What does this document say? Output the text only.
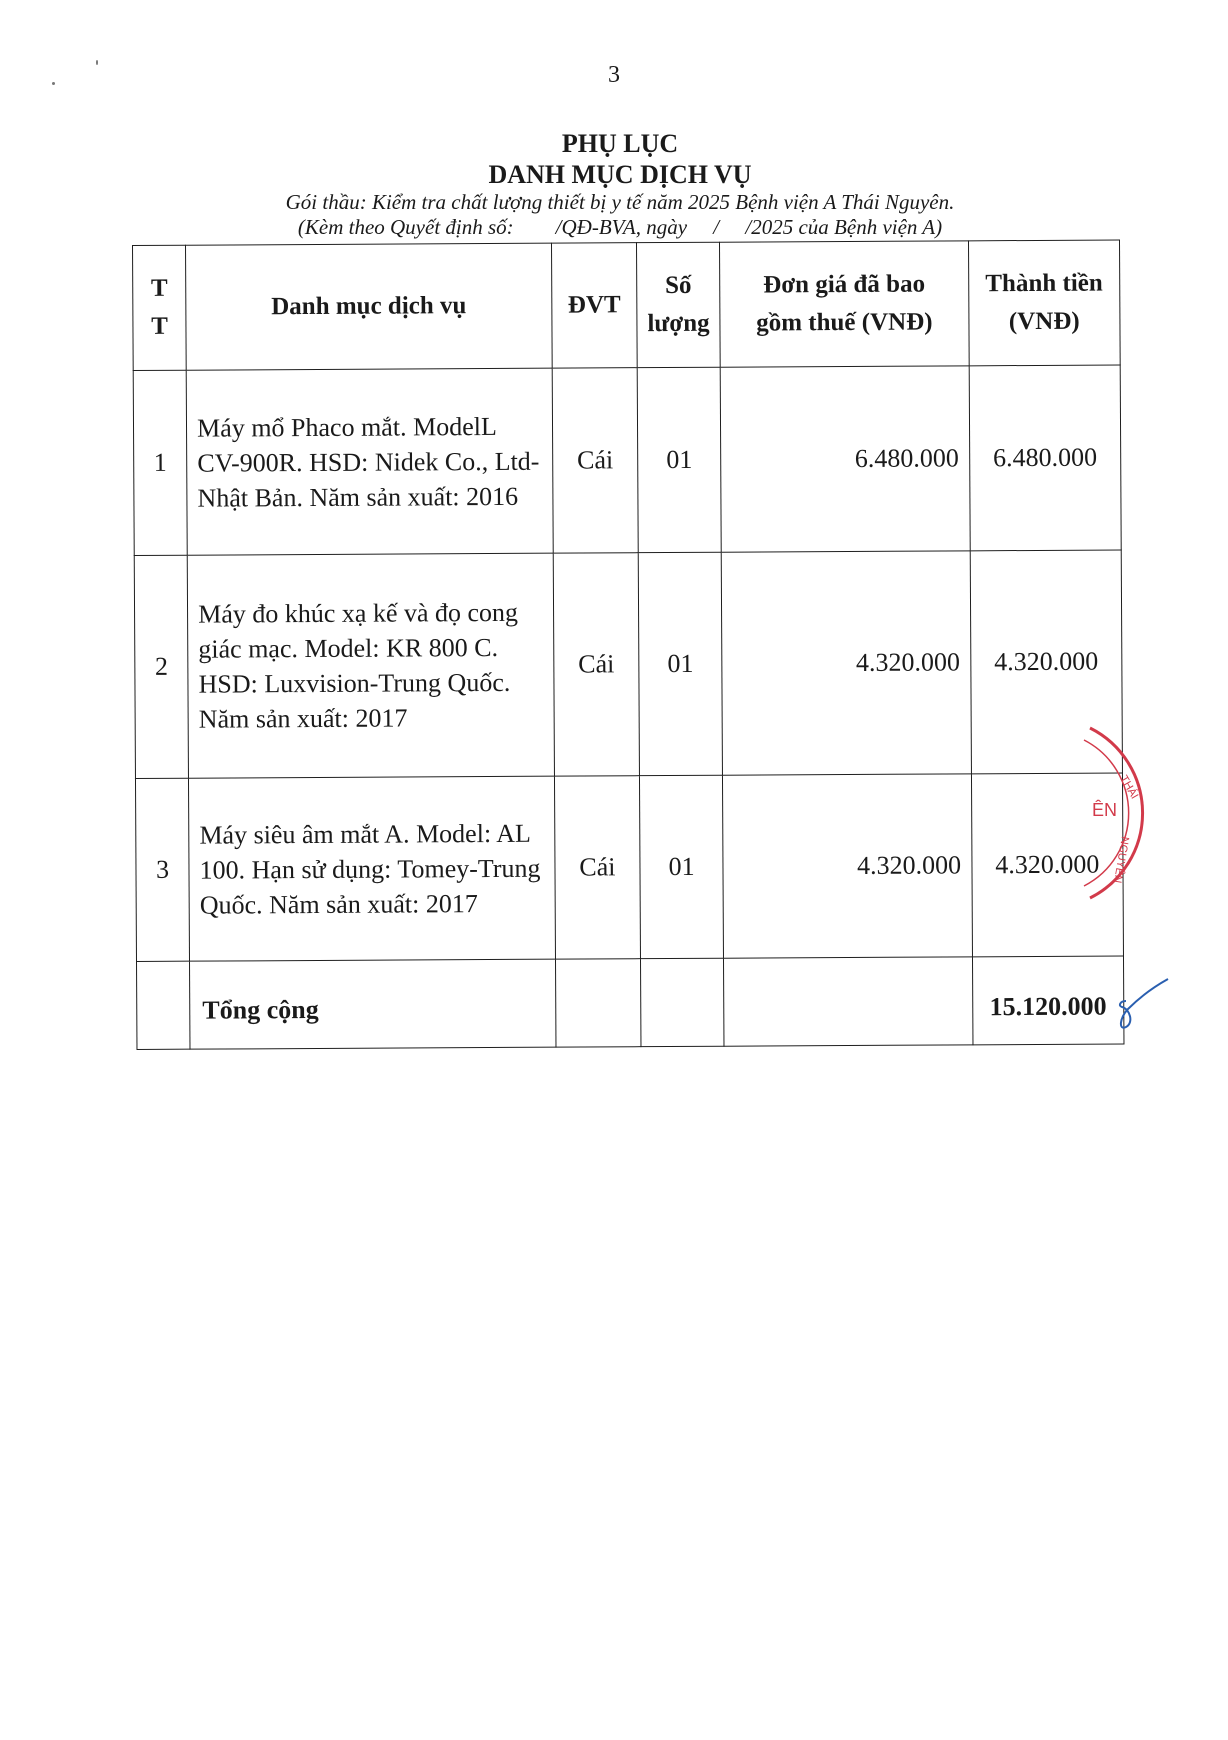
3
PHỤ LỤC
DANH MỤC DỊCH VỤ
Gói thầu: Kiểm tra chất lượng thiết bị y tế năm 2025 Bệnh viện A Thái Nguyên.
(Kèm theo Quyết định số:        /QĐ-BVA, ngày     /     /2025 của Bệnh viện A)
T T	Danh mục dịch vụ	ĐVT	Số lượng	Đơn giá đã bao gồm thuế (VNĐ)	Thành tiền (VNĐ)
1	Máy mổ Phaco mắt. ModelL CV-900R. HSD: Nidek Co., Ltd-Nhật Bản. Năm sản xuất: 2016	Cái	01	6.480.000	6.480.000
2	Máy đo khúc xạ kế và đọ cong giác mạc. Model: KR 800 C. HSD: Luxvision-Trung Quốc. Năm sản xuất: 2017	Cái	01	4.320.000	4.320.000
3	Máy siêu âm mắt A. Model: AL 100. Hạn sử dụng: Tomey-Trung Quốc. Năm sản xuất: 2017	Cái	01	4.320.000	4.320.000
	Tổng cộng				15.120.000
ÊN
THÁI
NGUYÊN
